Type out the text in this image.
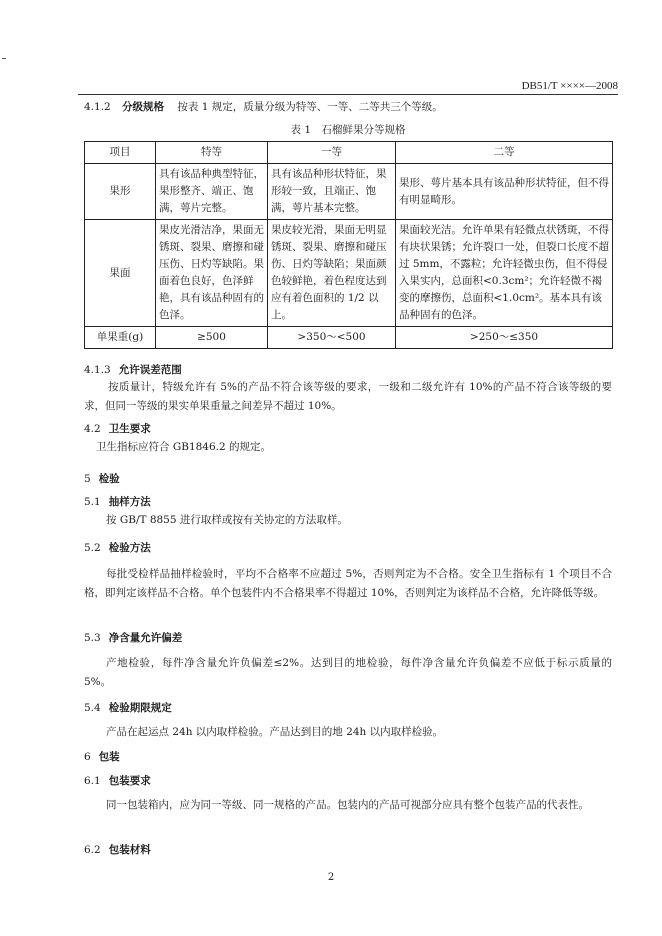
DB51/T ××××—2008
4.1.2 分级规格 按表 1 规定，质量分级为特等、一等、二等共三个等级。
表 1　石榴鲜果分等规格
项目	特等	一等	二等
果形	具有该品种典型特征，果形整齐、端正、饱满，萼片完整。	具有该品种形状特征，果形较一致，且端正、饱满，萼片基本完整。	果形、萼片基本具有该品种形状特征，但不得有明显畸形。
果面	果皮光滑洁净，果面无锈斑、裂果、磨擦和碰压伤、日灼等缺陷。果面着色良好，色泽鲜艳，具有该品种固有的色泽。	果皮较光滑，果面无明显锈斑、裂果、磨擦和碰压伤、日灼等缺陷；果面颜色较鲜艳，着色程度达到应有着色面积的 1/2 以上。	果面较光洁。允许单果有轻微点状锈斑，不得有块状果锈；允许裂口一处，但裂口长度不超过 5mm，不露粒；允许轻微虫伤，但不得侵入果实内，总面积<0.3cm²；允许轻微不褐变的摩擦伤，总面积<1.0cm²。基本具有该品种固有的色泽。
单果重(g)	≥500	>350～<500	>250～≤350
4.1.3 允许误差范围
按质量计，特级允许有 5%的产品不符合该等级的要求，一级和二级允许有 10%的产品不符合该等级的要求，但同一等级的果实单果重量之间差异不超过 10%。
4.2 卫生要求
卫生指标应符合 GB1846.2 的规定。
5 检验
5.1 抽样方法
按 GB/T 8855 进行取样或按有关协定的方法取样。
5.2 检验方法
每批受检样品抽样检验时，平均不合格率不应超过 5%，否则判定为不合格。安全卫生指标有 1 个项目不合格，即判定该样品不合格。单个包装件内不合格果率不得超过 10%，否则判定为该样品不合格，允许降低等级。
5.3 净含量允许偏差
产地检验，每件净含量允许负偏差≤2%。达到目的地检验，每件净含量允许负偏差不应低于标示质量的 5%。
5.4 检验期限规定
产品在起运点 24h 以内取样检验。产品达到目的地 24h 以内取样检验。
6 包装
6.1 包装要求
同一包装箱内，应为同一等级、同一规格的产品。包装内的产品可视部分应具有整个包装产品的代表性。
6.2 包装材料
2
